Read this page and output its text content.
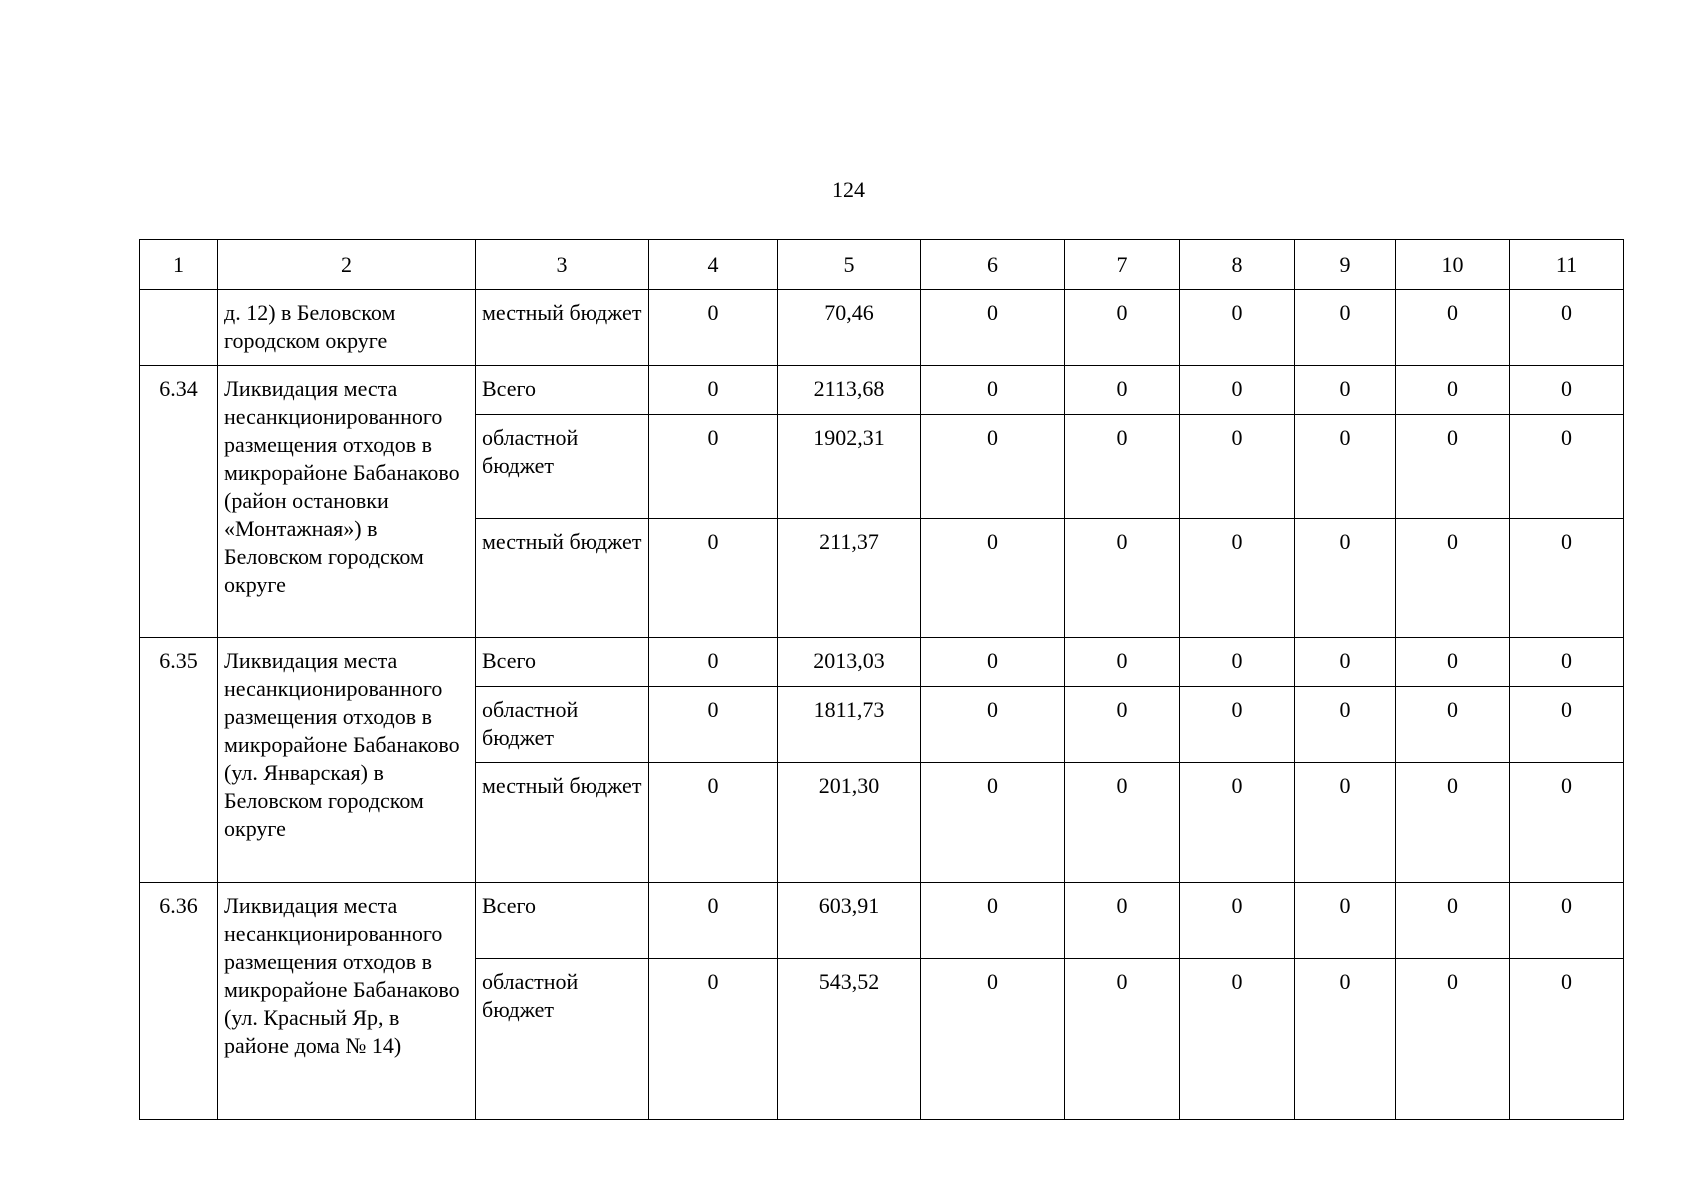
124
1	2	3	4	5	6	7	8	9	10	11
	д. 12) в Беловском городском округе	местный бюджет	0	70,46	0	0	0	0	0	0
6.34	Ликвидация места несанкционированного размещения отходов в микрорайоне Бабанаково (район остановки «Монтажная») в Беловском городском округе	Всего	0	2113,68	0	0	0	0	0	0
		областной бюджет	0	1902,31	0	0	0	0	0	0
		местный бюджет	0	211,37	0	0	0	0	0	0
6.35	Ликвидация места несанкционированного размещения отходов в микрорайоне Бабанаково (ул. Январская) в Беловском городском округе	Всего	0	2013,03	0	0	0	0	0	0
		областной бюджет	0	1811,73	0	0	0	0	0	0
		местный бюджет	0	201,30	0	0	0	0	0	0
6.36	Ликвидация места несанкционированного размещения отходов в микрорайоне Бабанаково (ул. Красный Яр, в районе дома № 14)	Всего	0	603,91	0	0	0	0	0	0
		областной бюджет	0	543,52	0	0	0	0	0	0
